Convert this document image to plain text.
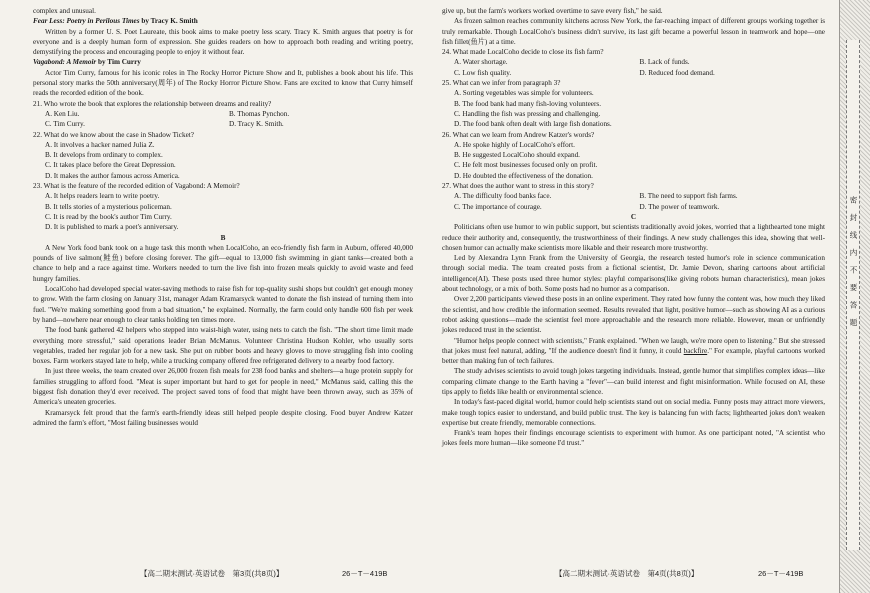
complex and unusual.

Fear Less: Poetry in Perilous Times by Tracy K. Smith

Written by a former U. S. Poet Laureate, this book aims to make poetry less scary. Tracy K. Smith argues that poetry is for everyone and is a deeply human form of expression. She guides readers on how to approach both reading and writing poetry, demystifying the process and encouraging people to enjoy it without fear.

Vagabond: A Memoir by Tim Curry

Actor Tim Curry, famous for his iconic roles in The Rocky Horror Picture Show and It, publishes a book about his life. This personal story marks the 50th anniversary(周年) of The Rocky Horror Picture Show. Fans are excited to know that Curry himself reads the recorded edition of the book.

21. Who wrote the book that explores the relationship between dreams and reality?

A. Ken Liu.	B. Thomas Pynchon.
C. Tim Curry.	D. Tracy K. Smith.

22. What do we know about the case in Shadow Ticket?

A. It involves a hacker named Julia Z.

B. It develops from ordinary to complex.

C. It takes place before the Great Depression.

D. It makes the author famous across America.

23. What is the feature of the recorded edition of Vagabond: A Memoir?

A. It helps readers learn to write poetry.

B. It tells stories of a mysterious policeman.

C. It is read by the book's author Tim Curry.

D. It is published to mark a poet's anniversary.

B

A New York food bank took on a huge task this month when LocalCoho, an eco-friendly fish farm in Auburn, offered 40,000 pounds of live salmon(鲑鱼) before closing forever. The gift—equal to 13,000 fish swimming in giant tanks—created both a chance to help and a race against time. Workers needed to turn the live fish into frozen meals quickly to avoid waste and feed hungry families.

LocalCoho had developed special water-saving methods to raise fish for top-quality sushi shops but couldn't get enough money to grow. With the farm closing on January 31st, manager Adam Kramarsyck wanted to donate the fish instead of turning them into fuel. "We're making something good from a bad situation," he explained. Normally, the farm could only handle 600 fish per week by hand—nowhere near enough to clear tanks holding ten times more.

The food bank gathered 42 helpers who stepped into waist-high water, using nets to catch the fish. "The short time limit made everything more stressful," said operations leader Brian McManus. Volunteer Christina Hudson Kohler, who usually sorts vegetables, traded her regular job for a new task. She put on rubber boots and heavy gloves to move struggling fish into cooling boxes. Farm workers stayed late to help, while a trucking company offered free refrigerated delivery to a nearby food factory.

In just three weeks, the team created over 26,000 frozen fish meals for 238 food banks and shelters—a huge protein supply for families struggling to afford food. "Meat is super important but hard to get for people in need," McManus said, calling this the biggest fish donation they'd ever received. The project saved tons of food that might have been thrown away, such as 35% of America's uneaten groceries.

Kramarsyck felt proud that the farm's earth-friendly ideas still helped people despite closing. Food buyer Andrew Katzer admired the farm's effort, "Most failing businesses would

give up, but the farm's workers worked overtime to save every fish," he said.

As frozen salmon reaches community kitchens across New York, the far-reaching impact of different groups working together is truly remarkable. Though LocalCoho's business didn't survive, its last gift became a powerful lesson in teamwork and hope—one fish fillet(鱼片) at a time.

24. What made LocalCoho decide to close its fish farm?

A. Water shortage.	B. Lack of funds.
C. Low fish quality.	D. Reduced food demand.

25. What can we infer from paragraph 3?

A. Sorting vegetables was simple for volunteers.

B. The food bank had many fish-loving volunteers.

C. Handling the fish was pressing and challenging.

D. The food bank often dealt with large fish donations.

26. What can we learn from Andrew Katzer's words?

A. He spoke highly of LocalCoho's effort.

B. He suggested LocalCoho should expand.

C. He felt most businesses focused only on profit.

D. He doubted the effectiveness of the donation.

27. What does the author want to stress in this story?

A. The difficulty food banks face.	B. The need to support fish farms.
C. The importance of courage.	D. The power of teamwork.

C

Politicians often use humor to win public support, but scientists traditionally avoid jokes, worried that a lighthearted tone might reduce their authority and, consequently, the trustworthiness of their findings. A new study challenges this idea, showing that well-chosen humor can actually make scientists more likable and their research more trustworthy.

Led by Alexandra Lynn Frank from the University of Georgia, the research tested humor's role in science communication through social media. The team created posts from a fictional scientist, Dr. Jamie Devon, sharing cartoons about artificial intelligence(AI). These posts used three humor styles: playful comparisons(like giving robots human characteristics), mean jokes about technology, or a mix of both. Some posts had no humor as a comparison.

Over 2,200 participants viewed these posts in an online experiment. They rated how funny the content was, how much they liked the scientist, and how credible the information seemed. Results revealed that light, positive humor—such as showing AI as a curious robot asking questions—made the scientist feel more approachable and the research more reliable. However, mean or unfriendly jokes reduced trust in the scientist.

"Humor helps people connect with scientists," Frank explained. "When we laugh, we're more open to listening." But she stressed that jokes must feel natural, adding, "If the audience doesn't find it funny, it could backfire." For example, playful cartoons worked better than making fun of tech failures.

The study advises scientists to avoid tough jokes targeting individuals. Instead, gentle humor that simplifies complex ideas—like comparing climate change to the Earth having a "fever"—can build interest and fight misinformation. While focused on AI, these tips apply to fields like health or environmental science.

In today's fast-paced digital world, humor could help scientists stand out on social media. Funny posts may attract more viewers, make tough topics easier to understand, and build public trust. The key is balancing fun with facts; lighthearted jokes don't weaken expertise but create friendly, memorable connections.

Frank's team hopes their findings encourage scientists to experiment with humor. As one participant noted, "A scientist who jokes feels more human—like someone I'd trust."

【高二期末测试·英语试卷　第3页(共8页)】	26－T－419B	【高二期末测试·英语试卷　第4页(共8页)】	26－T－419B
密封线内不要答题
